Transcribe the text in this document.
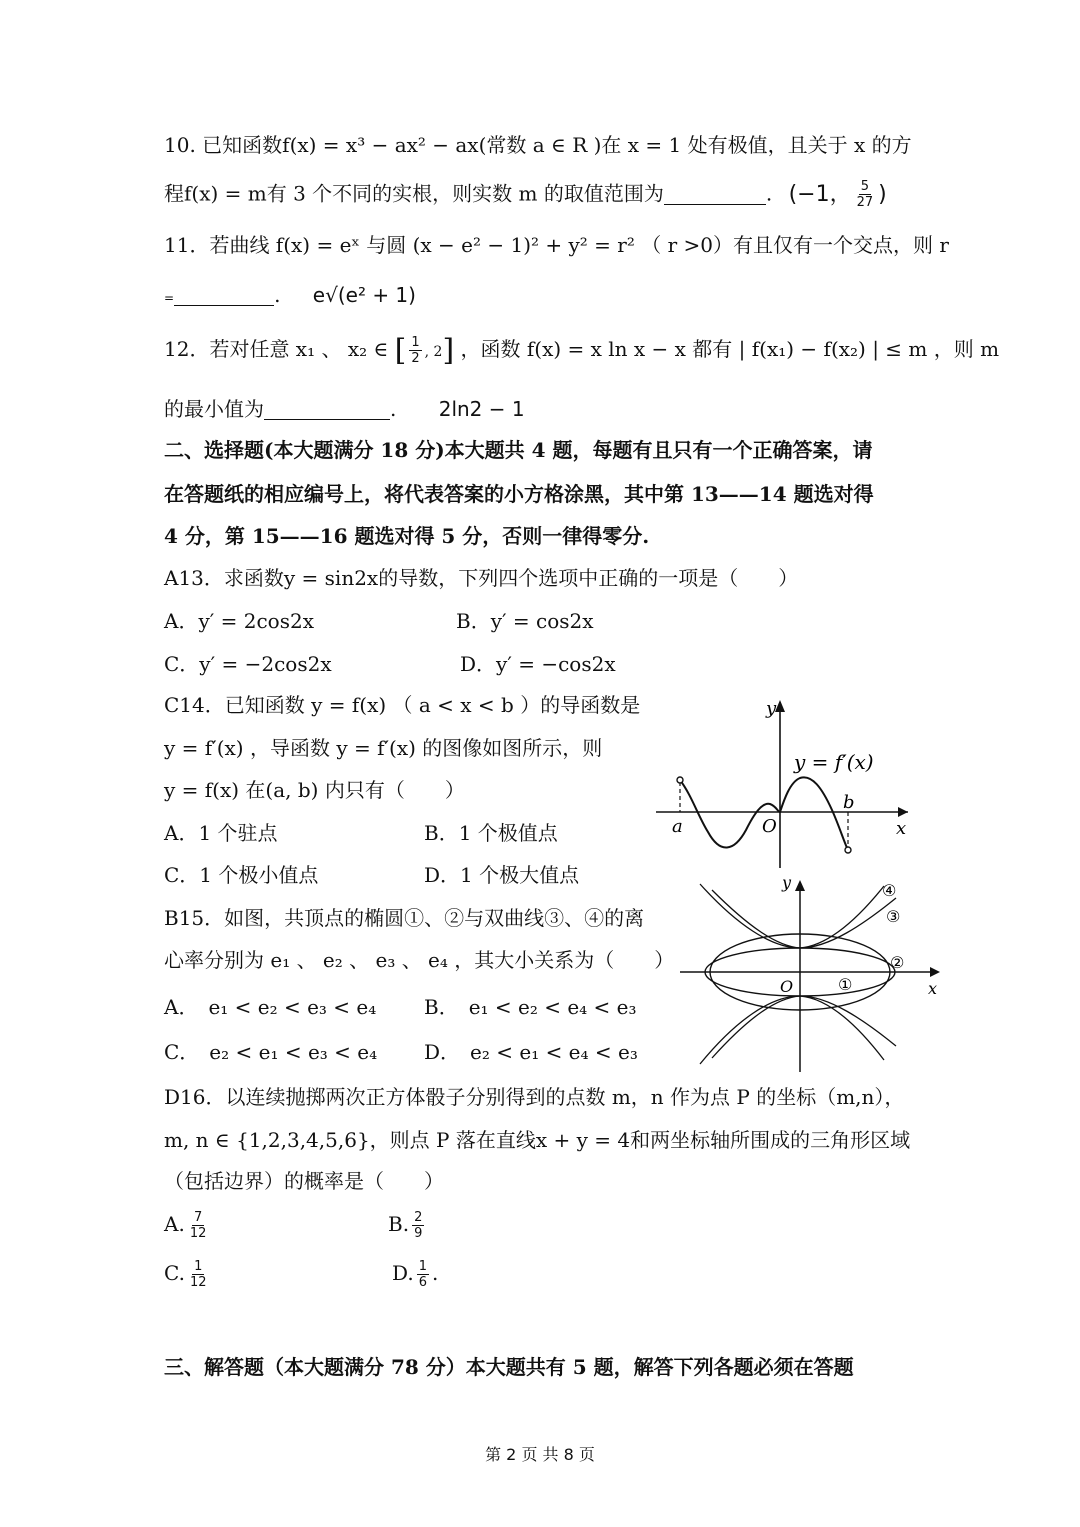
10. 已知函数f(x) = x³ − ax² − ax(常数 a ∈ R )在 x = 1 处有极值，且关于 x 的方
程f(x) = m有 3 个不同的实根，则实数 m 的取值范围为	. (−1， $\frac{5}{27}$ )
11．若曲线 f(x) = eˣ 与圆 (x − e² − 1)² + y² = r² （ r >0）有且仅有一个交点，则 r
=	. e√(e² + 1)
12．若对任意 x₁ 、 x₂ ∈ [ $\frac{1}{2}$ , 2] ，函数 f(x) = x ln x − x 都有 | f(x₁) − f(x₂) | ≤ m ，则 m
的最小值为	. 2ln2 − 1
二、选择题(本大题满分 18 分)本大题共 4 题，每题有且只有一个正确答案，请
在答题纸的相应编号上，将代表答案的小方格涂黑，其中第 13——14 题选对得
4 分，第 15——16 题选对得 5 分，否则一律得零分.
A13．求函数y = sin2x的导数，下列四个选项中正确的一项是（　　）
A．y′ = 2cos2x	B．y′ = cos2x
C．y′ = −2cos2x	D．y′ = −cos2x
C14．已知函数 y = f(x) （ a < x < b ）的导函数是
y = f′(x) ，导函数 y = f′(x) 的图像如图所示，则
y = f(x) 在(a, b) 内只有（　　）
A．1 个驻点	B．1 个极值点
C．1 个极小值点	D．1 个极大值点
y
x
O
a
b
y = f′(x)
B15．如图，共顶点的椭圆①、②与双曲线③、④的离
心率分别为 e₁ 、 e₂ 、 e₃ 、 e₄ ，其大小关系为（　　）
A．　e₁ < e₂ < e₃ < e₄ B．　e₁ < e₂ < e₄ < e₃
C．　e₂ < e₁ < e₃ < e₄ D．　e₂ < e₁ < e₄ < e₃
y
x
O	①
②
③
④
D16．以连续抛掷两次正方体骰子分别得到的点数 m，n 作为点 P 的坐标（m,n），
m, n ∈ {1,2,3,4,5,6}，则点 P 落在直线x + y = 4和两坐标轴所围成的三角形区域
（包括边界）的概率是（　　）
A. $\frac{7}{12}$	B. $\frac{2}{9}$
C. $\frac{1}{12}$	D. $\frac{1}{6}$ .
三、解答题（本大题满分 78 分）本大题共有 5 题，解答下列各题必须在答题
第 2 页 共 8 页
